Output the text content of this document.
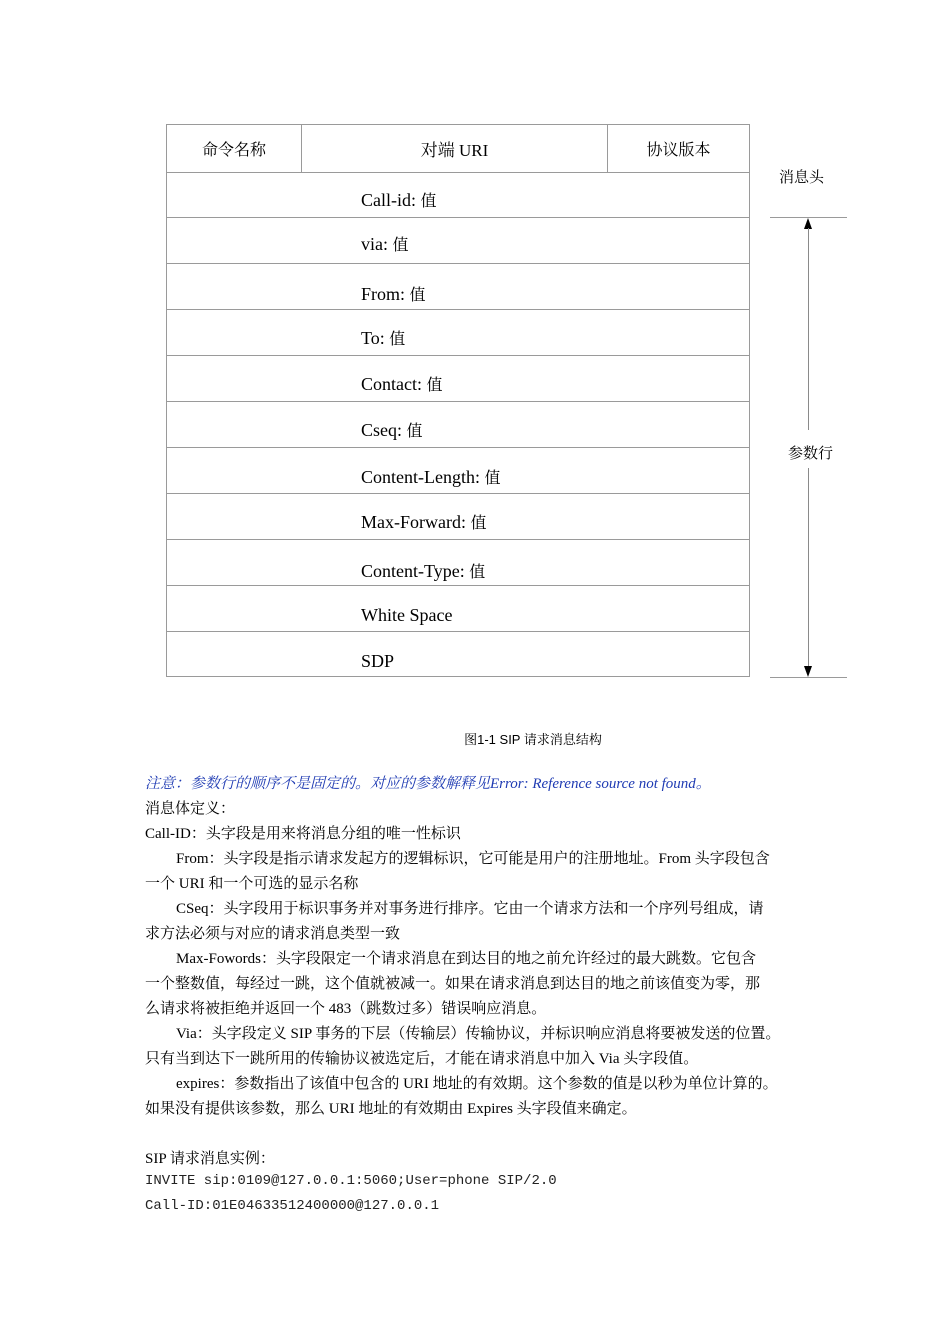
命令名称	对端 URI	协议版本
Call-id: 值
via: 值
From: 值
To: 值
Contact: 值
Cseq: 值
Content-Length: 值
Max-Forward: 值
Content-Type: 值
White Space
SDP
消息头
参数行
图1-1 SIP 请求消息结构
注意：参数行的顺序不是固定的。对应的参数解释见Error: Reference source not found。
消息体定义：
Call-ID：头字段是用来将消息分组的唯一性标识
From：头字段是指示请求发起方的逻辑标识，它可能是用户的注册地址。From 头字段包含
一个 URI 和一个可选的显示名称
CSeq：头字段用于标识事务并对事务进行排序。它由一个请求方法和一个序列号组成，请
求方法必须与对应的请求消息类型一致
Max-Fowords：头字段限定一个请求消息在到达目的地之前允许经过的最大跳数。它包含
一个整数值，每经过一跳，这个值就被减一。如果在请求消息到达目的地之前该值变为零，那
么请求将被拒绝并返回一个 483（跳数过多）错误响应消息。
Via：头字段定义 SIP 事务的下层（传输层）传输协议，并标识响应消息将要被发送的位置。
只有当到达下一跳所用的传输协议被选定后，才能在请求消息中加入 Via 头字段值。
expires：参数指出了该值中包含的 URI 地址的有效期。这个参数的值是以秒为单位计算的。
如果没有提供该参数，那么 URI 地址的有效期由 Expires 头字段值来确定。
SIP 请求消息实例：
INVITE sip:0109@127.0.0.1:5060;User=phone SIP/2.0
Call-ID:01E04633512400000@127.0.0.1
